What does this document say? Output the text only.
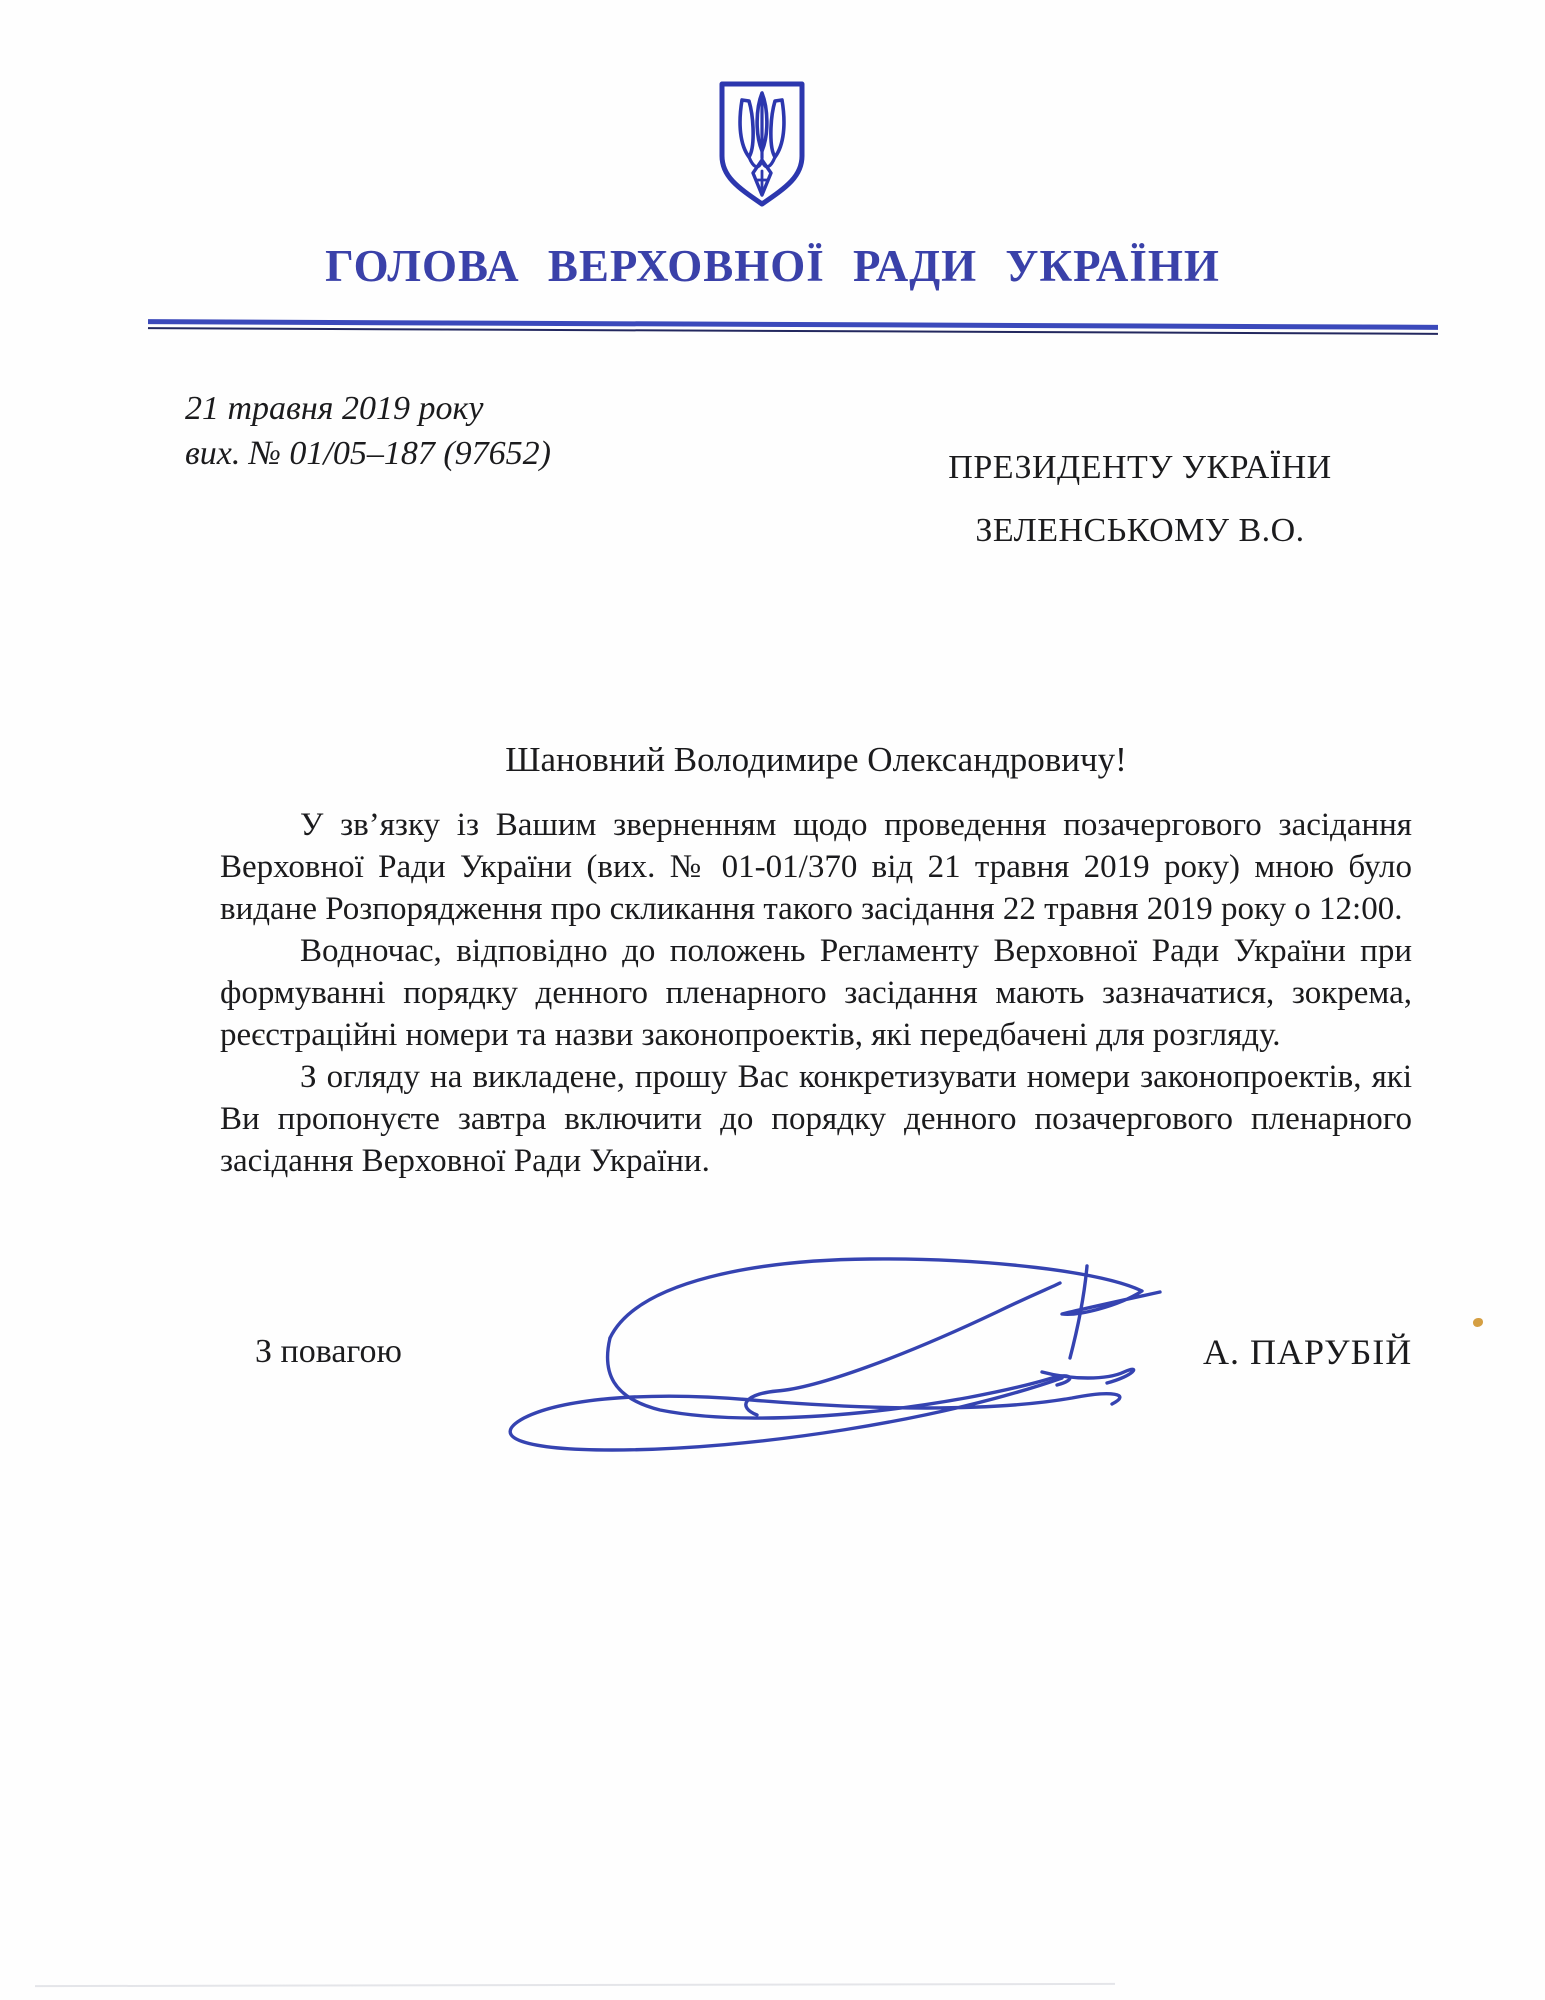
ГОЛОВА ВЕРХОВНОЇ РАДИ УКРАЇНИ
21 травня 2019 року
вих. № 01/05–187 (97652)	ПРЕЗИДЕНТУ УКРАЇНИ
ЗЕЛЕНСЬКОМУ В.О.
Шановний Володимире Олександровичу!

У зв’язку із Вашим зверненням щодо проведення позачергового засідання Верховної Ради України (вих. № 01-01/370 від 21 травня 2019 року) мною було видане Розпорядження про скликання такого засідання 22 травня 2019 року о 12:00.

Водночас, відповідно до положень Регламенту Верховної Ради України при формуванні порядку денного пленарного засідання мають зазначатися, зокрема, реєстраційні номери та назви законопроектів, які передбачені для розгляду.

З огляду на викладене, прошу Вас конкретизувати номери законопроектів, які Ви пропонуєте завтра включити до порядку денного позачергового пленарного засідання Верховної Ради України.

З повагою	А. ПАРУБІЙ
